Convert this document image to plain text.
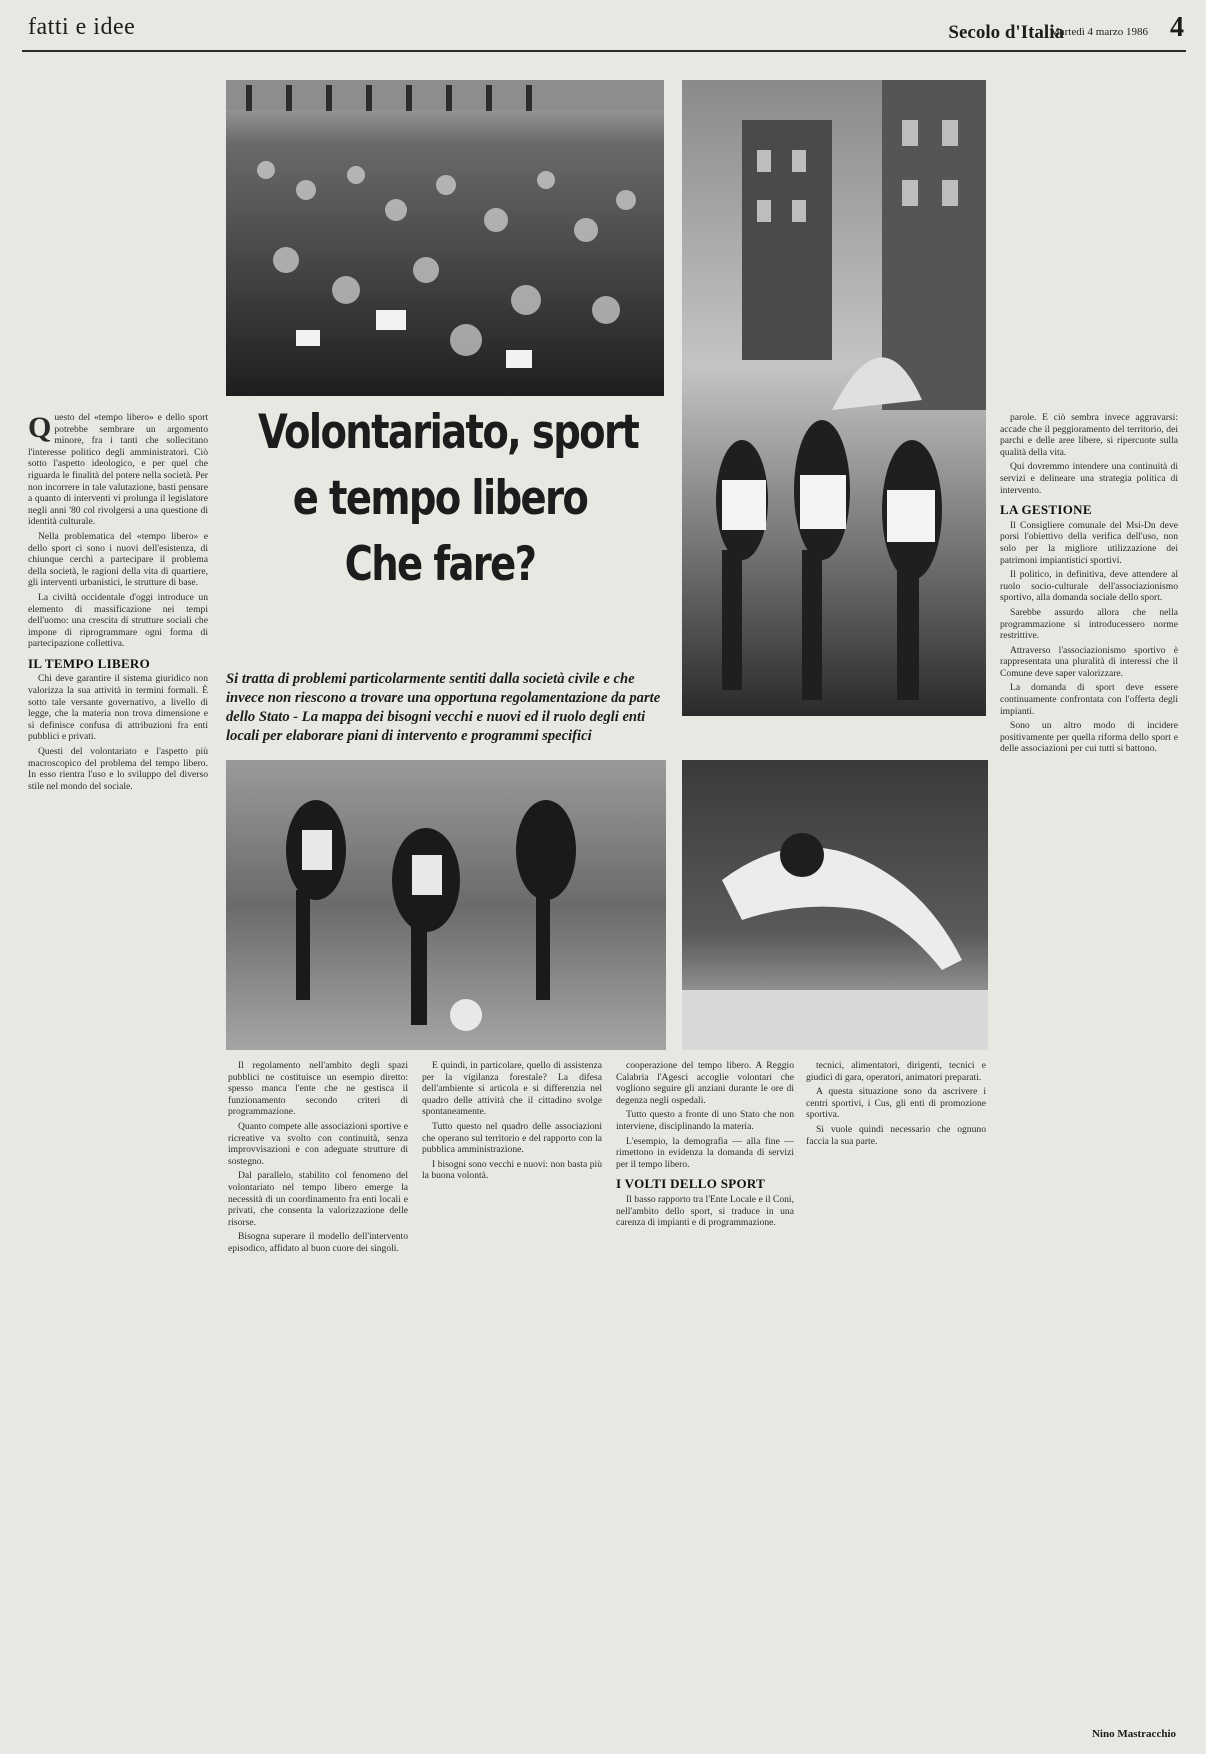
fatti e idee	Secolo d'Italia
Martedì 4 marzo 1986 4
Volontariato, sport
e tempo libero
Che fare?
Si tratta di problemi particolarmente sentiti dalla società civile e che invece non riescono a trovare una opportuna regolamentazione da parte dello Stato - La mappa dei bisogni vecchi e nuovi ed il ruolo degli enti locali per elaborare piani di intervento e programmi specifici

Questo del «tempo libero» e dello sport potrebbe sembrare un argomento minore, fra i tanti che sollecitano l'interesse politico degli amministratori. Ciò sotto l'aspetto ideologico, e per quel che riguarda le finalità del potere nella società. Per non incorrere in tale valutazione, basti pensare a quanto di interventi vi prolunga il legislatore negli anni '80 col rivolgersi a una questione di identità culturale.

Nella problematica del «tempo libero» e dello sport ci sono i nuovi dell'esistenza, di chiunque cerchi a partecipare il problema della società, le ragioni della vita di quartiere, gli interventi urbanistici, le strutture di base.

La civiltà occidentale d'oggi introduce un elemento di massificazione nei tempi dell'uomo: una crescita di strutture sociali che impone di riprogrammare ogni forma di partecipazione collettiva.

IL TEMPO LIBERO

Chi deve garantire il sistema giuridico non valorizza la sua attività in termini formali. È sotto tale versante governativo, a livello di legge, che la materia non trova dimensione e si definisce confusa di attribuzioni fra enti pubblici e privati.

Questi del volontariato e l'aspetto più macroscopico del problema del tempo libero. In esso rientra l'uso e lo sviluppo del diverso stile nel mondo del sociale.

Il regolamento nell'ambito degli spazi pubblici ne costituisce un esempio diretto: spesso manca l'ente che ne gestisca il funzionamento secondo criteri di programmazione.

Quanto compete alle associazioni sportive e ricreative va svolto con continuità, senza improvvisazioni e con adeguate strutture di sostegno.

Dal parallelo, stabilito col fenomeno del volontariato nel tempo libero emerge la necessità di un coordinamento fra enti locali e privati, che consenta la valorizzazione delle risorse.

Bisogna superare il modello dell'intervento episodico, affidato al buon cuore dei singoli.

E quindi, in particolare, quello di assistenza per la vigilanza forestale? La difesa dell'ambiente si articola e si differenzia nel quadro delle attività che il cittadino svolge spontaneamente.

Tutto questo nel quadro delle associazioni che operano sul territorio e del rapporto con la pubblica amministrazione.

I bisogni sono vecchi e nuovi: non basta più la buona volontà.

cooperazione del tempo libero. A Reggio Calabria l'Agesci accoglie volontari che vogliono seguire gli anziani durante le ore di degenza negli ospedali.

Tutto questo a fronte di uno Stato che non interviene, disciplinando la materia.

L'esempio, la demografia — alla fine — rimettono in evidenza la domanda di servizi per il tempo libero.

I VOLTI DELLO SPORT

Il basso rapporto tra l'Ente Locale e il Coni, nell'ambito dello sport, si traduce in una carenza di impianti e di programmazione.

tecnici, alimentatori, dirigenti, tecnici e giudici di gara, operatori, animatori preparati.

A questa situazione sono da ascrivere i centri sportivi, i Cus, gli enti di promozione sportiva.

Si vuole quindi necessario che ognuno faccia la sua parte.

parole. E ciò sembra invece aggravarsi: accade che il peggioramento del territorio, dei parchi e delle aree libere, si ripercuote sulla qualità della vita.

Qui dovremmo intendere una continuità di servizi e delineare una strategia politica di intervento.

LA GESTIONE

Il Consigliere comunale del Msi-Dn deve porsi l'obiettivo della verifica dell'uso, non solo per la migliore utilizzazione dei patrimoni impiantistici sportivi.

Il politico, in definitiva, deve attendere al ruolo socio-culturale dell'associazionismo sportivo, alla domanda sociale dello sport.

Sarebbe assurdo allora che nella programmazione si introducessero norme restrittive.

Attraverso l'associazionismo sportivo è rappresentata una pluralità di interessi che il Comune deve saper valorizzare.

La domanda di sport deve essere continuamente confrontata con l'offerta degli impianti.

Sono un altro modo di incidere positivamente per quella riforma dello sport e delle associazioni per cui tutti si battono.

Nino Mastracchio
